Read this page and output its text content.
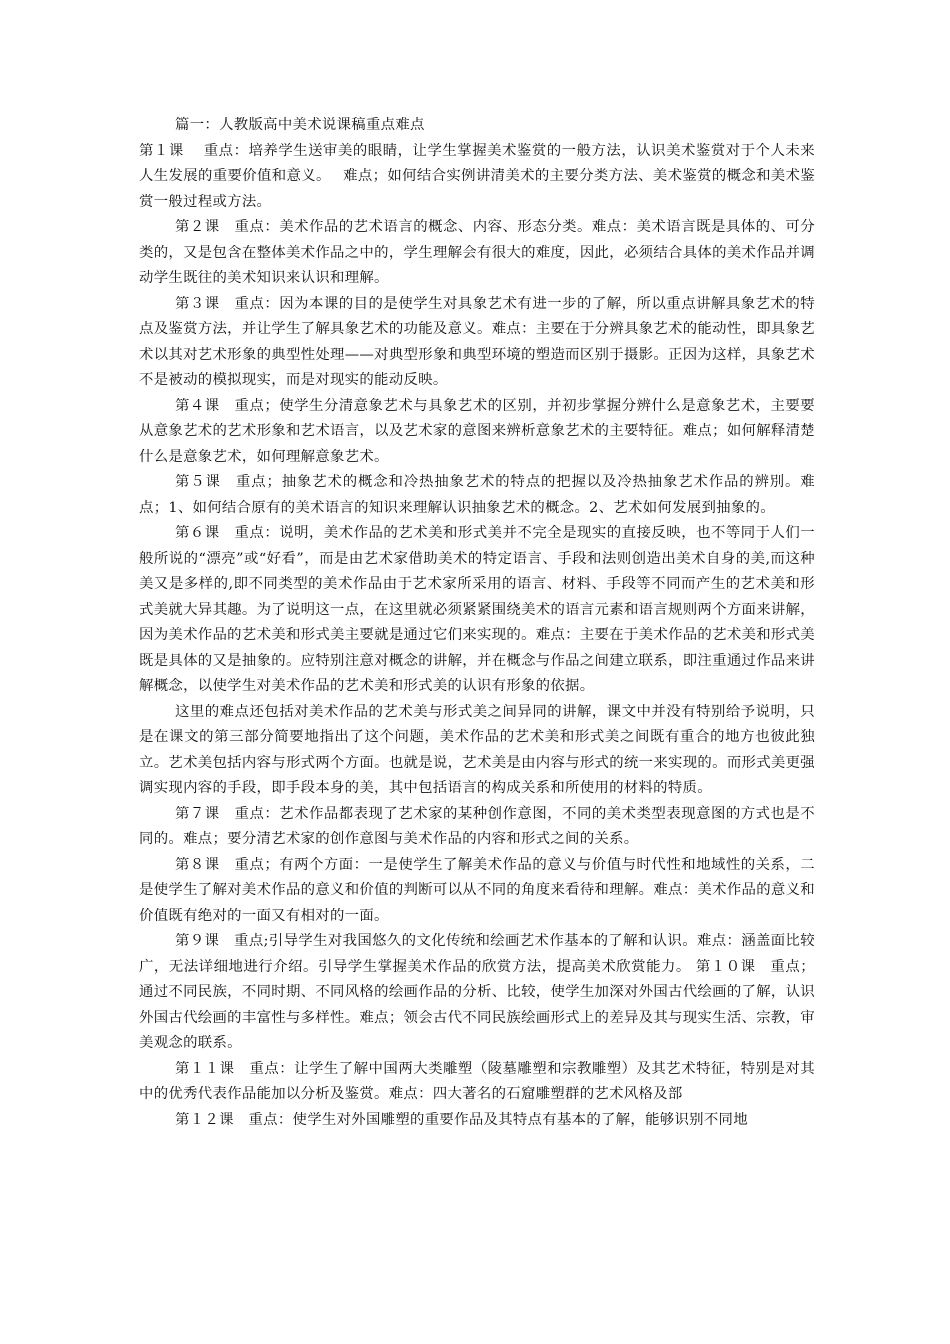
篇一：人教版高中美术说课稿重点难点

第１课　 重点：培养学生送审美的眼睛，让学生掌握美术鉴赏的一般方法，认识美术鉴赏对于个人未来人生发展的重要价值和意义。　 难点；如何结合实例讲清美术的主要分类方法、美术鉴赏的概念和美术鉴赏一般过程或方法。

第２课　重点：美术作品的艺术语言的概念、内容、形态分类。难点：美术语言既是具体的、可分类的，又是包含在整体美术作品之中的，学生理解会有很大的难度，因此，必须结合具体的美术作品并调动学生既往的美术知识来认识和理解。

第３课　重点：因为本课的目的是使学生对具象艺术有进一步的了解，所以重点讲解具象艺术的特点及鉴赏方法，并让学生了解具象艺术的功能及意义。难点：主要在于分辨具象艺术的能动性，即具象艺术以其对艺术形象的典型性处理——对典型形象和典型环境的塑造而区别于摄影。正因为这样，具象艺术不是被动的模拟现实，而是对现实的能动反映。

第４课　重点；使学生分清意象艺术与具象艺术的区别，并初步掌握分辨什么是意象艺术，主要要从意象艺术的艺术形象和艺术语言，以及艺术家的意图来辨析意象艺术的主要特征。难点；如何解释清楚什么是意象艺术，如何理解意象艺术。

第５课　重点；抽象艺术的概念和冷热抽象艺术的特点的把握以及冷热抽象艺术作品的辨別。难点；1、如何结合原有的美术语言的知识来理解认识抽象艺术的概念。2、艺术如何发展到抽象的。

第６课　重点：说明，美术作品的艺术美和形式美并不完全是现实的直接反映，也不等同于人们一般所说的“漂亮”或“好看”，而是由艺术家借助美术的特定语言、手段和法则创造出美术自身的美,而这种美又是多样的,即不同类型的美术作品由于艺术家所采用的语言、材料、手段等不同而产生的艺术美和形式美就大异其趣。为了说明这一点，在这里就必须紧紧围绕美术的语言元素和语言规则两个方面来讲解，因为美术作品的艺术美和形式美主要就是通过它们来实现的。难点：主要在于美术作品的艺术美和形式美既是具体的又是抽象的。应特别注意对概念的讲解，并在概念与作品之间建立联系，即注重通过作品来讲解概念，以使学生对美术作品的艺术美和形式美的认识有形象的依据。

这里的难点还包括对美术作品的艺术美与形式美之间异同的讲解，课文中并没有特别给予说明，只是在课文的第三部分简要地指出了这个问题，美术作品的艺术美和形式美之间既有重合的地方也彼此独立。艺术美包括内容与形式两个方面。也就是说，艺术美是由内容与形式的统一来实现的。而形式美更强调实现内容的手段，即手段本身的美，其中包括语言的构成关系和所使用的材料的特质。

第７课　重点：艺术作品都表现了艺术家的某种创作意图，不同的美术类型表现意图的方式也是不同的。难点；要分清艺术家的创作意图与美术作品的内容和形式之间的关系。

第８课　重点；有两个方面：一是使学生了解美术作品的意义与价值与时代性和地域性的关系，二是使学生了解对美术作品的意义和价值的判断可以从不同的角度来看待和理解。难点：美术作品的意义和价值既有绝对的一面又有相对的一面。

第９课　重点;引导学生对我国悠久的文化传统和绘画艺术作基本的了解和认识。难点：涵盖面比较广，无法详细地进行介绍。引导学生掌握美术作品的欣赏方法，提高美术欣赏能力。 第１０课　重点；通过不同民族，不同时期、不同风格的绘画作品的分析、比较，使学生加深对外国古代绘画的了解，认识外国古代绘画的丰富性与多样性。难点；领会古代不同民族绘画形式上的差异及其与现实生活、宗教，审美观念的联系。

第１１课　重点：让学生了解中国两大类雕塑（陵墓雕塑和宗教雕塑）及其艺术特征，特别是对其中的优秀代表作品能加以分析及鉴赏。难点：四大著名的石窟雕塑群的艺术风格及部

第１２课　重点：使学生对外国雕塑的重要作品及其特点有基本的了解，能够识别不同地
